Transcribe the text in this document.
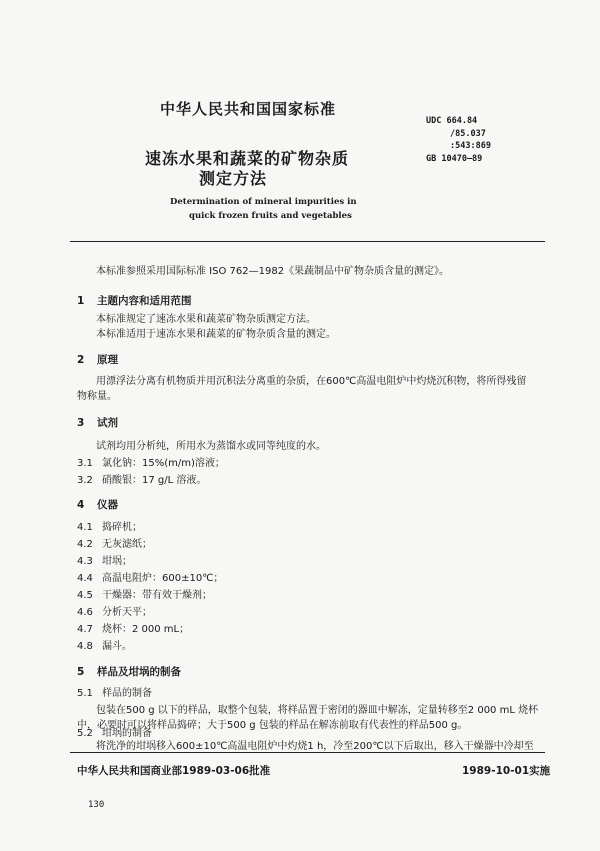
中华人民共和国国家标准
UDC 664.84
/85.037
:543:869
GB 10470—89
速冻水果和蔬菜的矿物杂质
测定方法
Determination of mineral impurities in
quick frozen fruits and vegetables
本标准参照采用国际标准 ISO 762—1982《果蔬制品中矿物杂质含量的测定》。
1 主题内容和适用范围
本标准规定了速冻水果和蔬菜矿物杂质测定方法。
本标准适用于速冻水果和蔬菜的矿物杂质含量的测定。
2 原理
用漂浮法分离有机物质并用沉积法分离重的杂质，在600℃高温电阻炉中灼烧沉积物，将所得残留
物称量。
3 试剂
试剂均用分析纯，所用水为蒸馏水或同等纯度的水。
3.1 氯化钠：15%(m/m)溶液；
3.2 硝酸银：17 g/L 溶液。
4 仪器
4.1 捣碎机；
4.2 无灰滤纸；
4.3 坩埚；
4.4 高温电阻炉：600±10℃；
4.5 干燥器：带有效干燥剂；
4.6 分析天平；
4.7 烧杯：2 000 mL；
4.8 漏斗。
5 样品及坩埚的制备
5.1 样品的制备
包装在500 g 以下的样品，取整个包装，将样品置于密闭的器皿中解冻，定量转移至2 000 mL 烧杯
中，必要时可以将样品捣碎；大于500 g 包装的样品在解冻前取有代表性的样品500 g。
5.2 坩埚的制备
将洗净的坩埚移入600±10℃高温电阻炉中灼烧1 h，冷至200℃以下后取出，移入干燥器中冷却至
中华人民共和国商业部1989-03-06批准	1989-10-01实施
130
